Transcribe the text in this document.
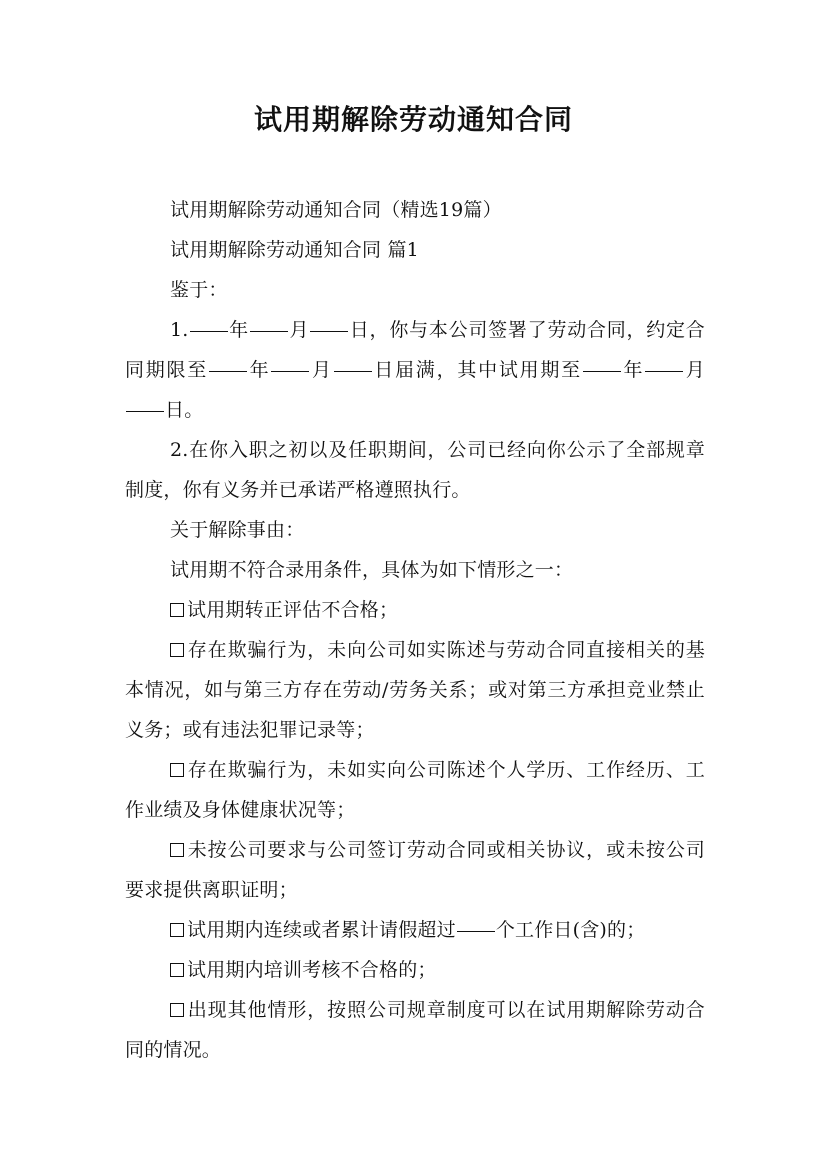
试用期解除劳动通知合同

试用期解除劳动通知合同（精选19篇）

试用期解除劳动通知合同 篇1

鉴于：

1. 年 月 日，你与本公司签署了劳动合同，约定合同期限至 年 月 日届满，其中试用期至 年 月日。

2.在你入职之初以及任职期间，公司已经向你公示了全部规章制度，你有义务并已承诺严格遵照执行。

关于解除事由：

试用期不符合录用条件，具体为如下情形之一：

试用期转正评估不合格；

存在欺骗行为，未向公司如实陈述与劳动合同直接相关的基本情况，如与第三方存在劳动/劳务关系；或对第三方承担竞业禁止义务；或有违法犯罪记录等；

存在欺骗行为，未如实向公司陈述个人学历、工作经历、工作业绩及身体健康状况等；

未按公司要求与公司签订劳动合同或相关协议，或未按公司要求提供离职证明；

试用期内连续或者累计请假超过 个工作日(含)的；

试用期内培训考核不合格的；

出现其他情形，按照公司规章制度可以在试用期解除劳动合同的情况。
